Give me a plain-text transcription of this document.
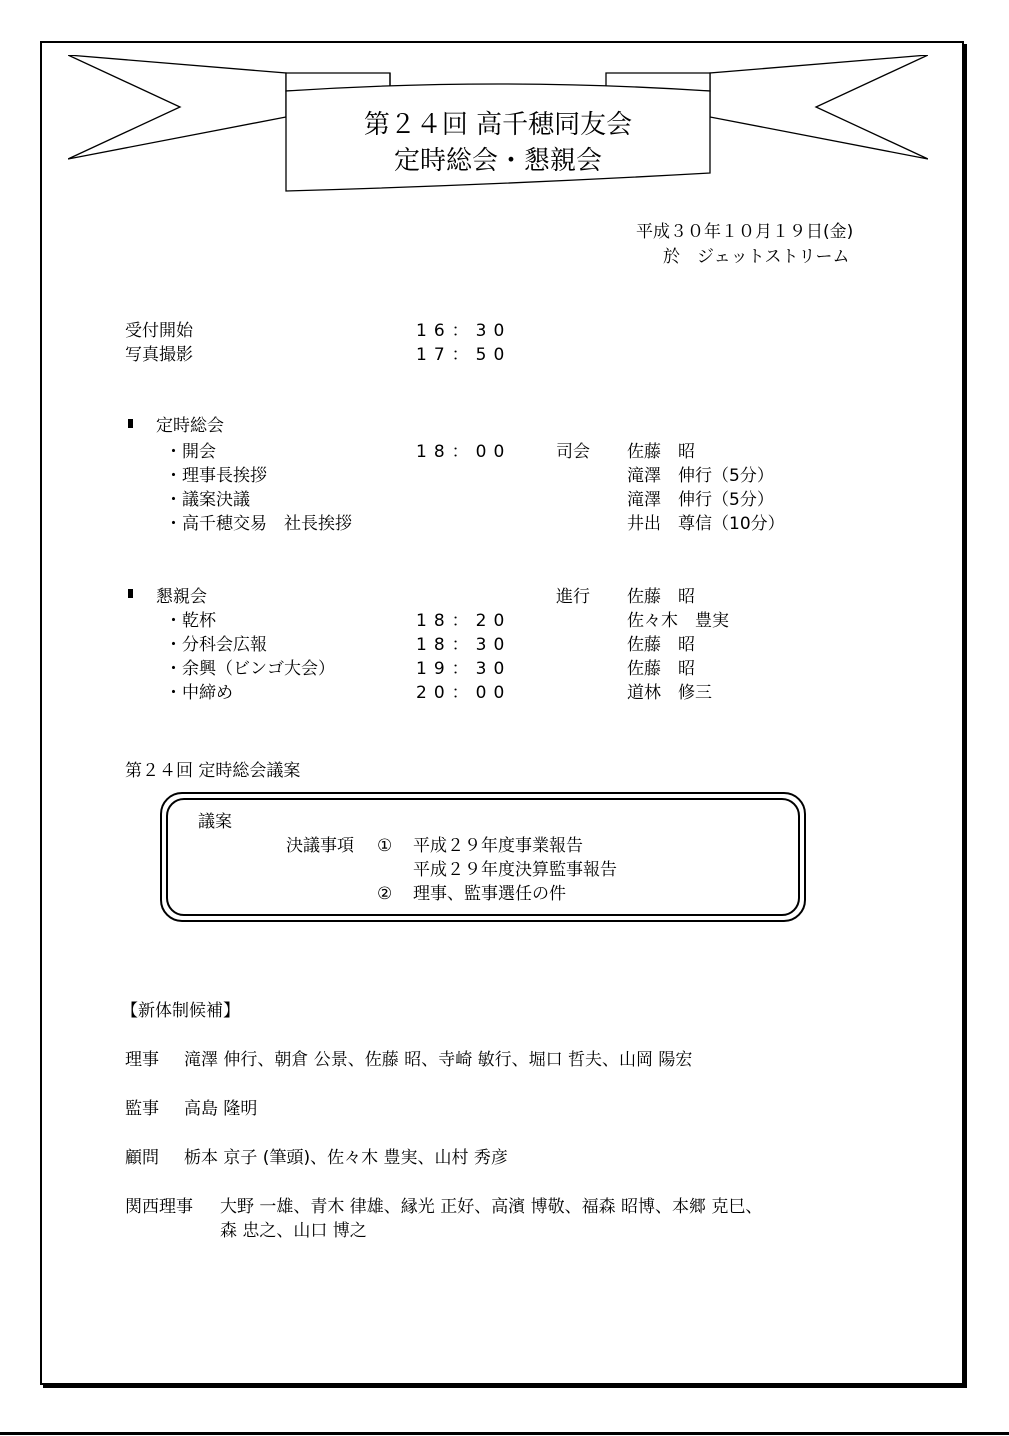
第２４回 高千穂同友会
定時総会・懇親会
平成３０年１０月１９日(金)
於　ジェットストリーム
受付開始	16：30
写真撮影	17：50
定時総会
・開会	18：00	司会 佐藤　昭
・理事長挨拶	滝澤　伸行（5分）
・議案決議	滝澤　伸行（5分）
・高千穂交易　社長挨拶	井出　尊信（10分）
懇親会	進行 佐藤　昭
・乾杯	18：20	佐々木　豊実
・分科会広報	18：30	佐藤　昭
・余興（ビンゴ大会）	19：30	佐藤　昭
・中締め	20：00	道林　修三
第２４回 定時総会議案
議案
決議事項 ① 平成２９年度事業報告
平成２９年度決算監事報告
② 理事、監事選任の件
【新体制候補】
理事 滝澤 伸行、朝倉 公景、佐藤 昭、寺崎 敏行、堀口 哲夫、山岡 陽宏
監事 高島 隆明
顧問 栃本 京子 (筆頭)、佐々木 豊実、山村 秀彦
関西理事 大野 一雄、青木 律雄、縁光 正好、高濱 博敬、福森 昭博、本郷 克巳、
森 忠之、山口 博之
